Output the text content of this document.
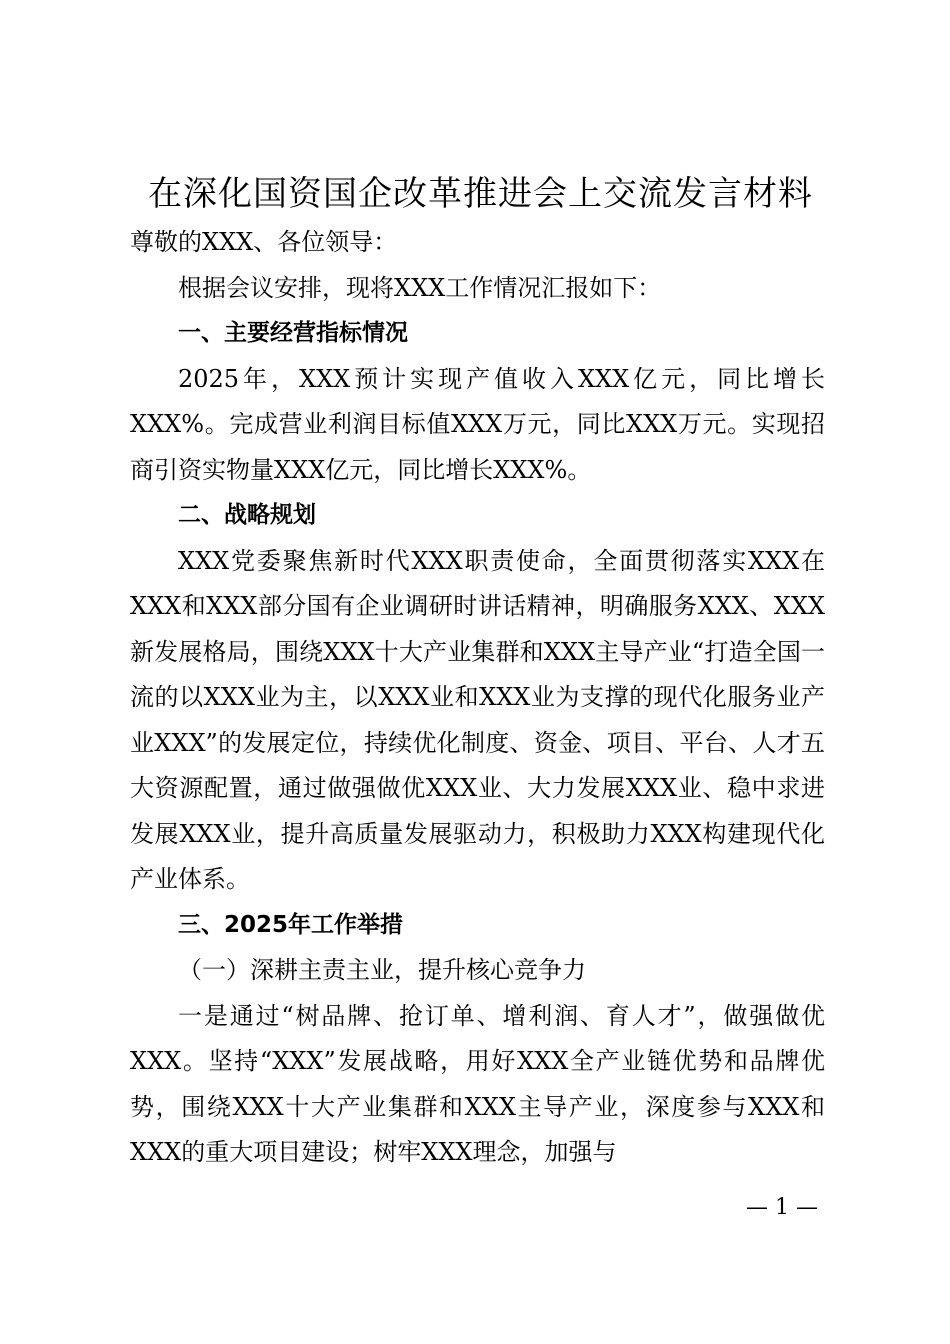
在深化国资国企改革推进会上交流发言材料

尊敬的XXX、各位领导：

根据会议安排，现将XXX工作情况汇报如下：

一、主要经营指标情况

2025年，XXX预计实现产值收入XXX亿元，同比增长XXX%。完成营业利润目标值XXX万元，同比XXX万元。实现招商引资实物量XXX亿元，同比增长XXX%。

二、战略规划

XXX党委聚焦新时代XXX职责使命，全面贯彻落实XXX在XXX和XXX部分国有企业调研时讲话精神，明确服务XXX、XXX新发展格局，围绕XXX十大产业集群和XXX主导产业“打造全国一流的以XXX业为主，以XXX业和XXX业为支撑的现代化服务业产业XXX”的发展定位，持续优化制度、资金、项目、平台、人才五大资源配置，通过做强做优XXX业、大力发展XXX业、稳中求进发展XXX业，提升高质量发展驱动力，积极助力XXX构建现代化产业体系。

三、2025年工作举措

（一）深耕主责主业，提升核心竞争力

一是通过“树品牌、抢订单、增利润、育人才”，做强做优XXX。坚持“XXX”发展战略，用好XXX全产业链优势和品牌优势，围绕XXX十大产业集群和XXX主导产业，深度参与XXX和XXX的重大项目建设；树牢XXX理念，加强与

— 1 —
